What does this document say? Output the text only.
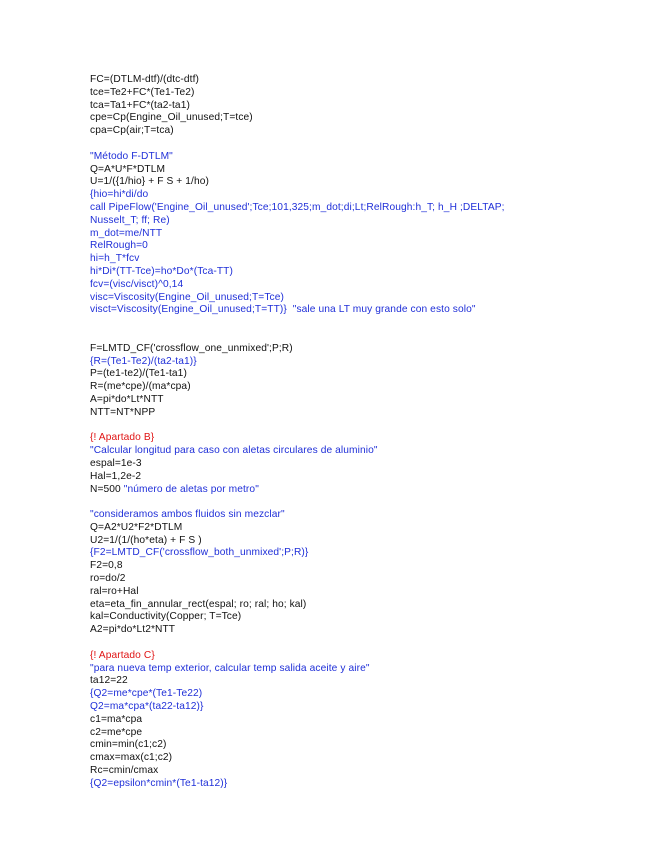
FC=(DTLM-dtf)/(dtc-dtf)
tce=Te2+FC*(Te1-Te2)
tca=Ta1+FC*(ta2-ta1)
cpe=Cp(Engine_Oil_unused;T=tce)
cpa=Cp(air;T=tca)
"Método F-DTLM"
Q=A*U*F*DTLM
U=1/({1/hio} + F S + 1/ho)
{hio=hi*di/do
call PipeFlow('Engine_Oil_unused';Tce;101,325;m_dot;di;Lt;RelRough:h_T; h_H ;DELTAP;
Nusselt_T; ff; Re)
m_dot=me/NTT
RelRough=0
hi=h_T*fcv
hi*Di*(TT-Tce)=ho*Do*(Tca-TT)
fcv=(visc/visct)^0,14
visc=Viscosity(Engine_Oil_unused;T=Tce)
visct=Viscosity(Engine_Oil_unused;T=TT)}  "sale una LT muy grande con esto solo"
F=LMTD_CF('crossflow_one_unmixed';P;R)
{R=(Te1-Te2)/(ta2-ta1)}
P=(te1-te2)/(Te1-ta1)
R=(me*cpe)/(ma*cpa)
A=pi*do*Lt*NTT
NTT=NT*NPP
{! Apartado B}
"Calcular longitud para caso con aletas circulares de aluminio"
espal=1e-3
Hal=1,2e-2
N=500 "número de aletas por metro"
"consideramos ambos fluidos sin mezclar"
Q=A2*U2*F2*DTLM
U2=1/(1/(ho*eta) + F S )
{F2=LMTD_CF('crossflow_both_unmixed';P;R)}
F2=0,8
ro=do/2
ral=ro+Hal
eta=eta_fin_annular_rect(espal; ro; ral; ho; kal)
kal=Conductivity(Copper; T=Tce)
A2=pi*do*Lt2*NTT
{! Apartado C}
"para nueva temp exterior, calcular temp salida aceite y aire"
ta12=22
{Q2=me*cpe*(Te1-Te22)
Q2=ma*cpa*(ta22-ta12)}
c1=ma*cpa
c2=me*cpe
cmin=min(c1;c2)
cmax=max(c1;c2)
Rc=cmin/cmax
{Q2=epsilon*cmin*(Te1-ta12)}
